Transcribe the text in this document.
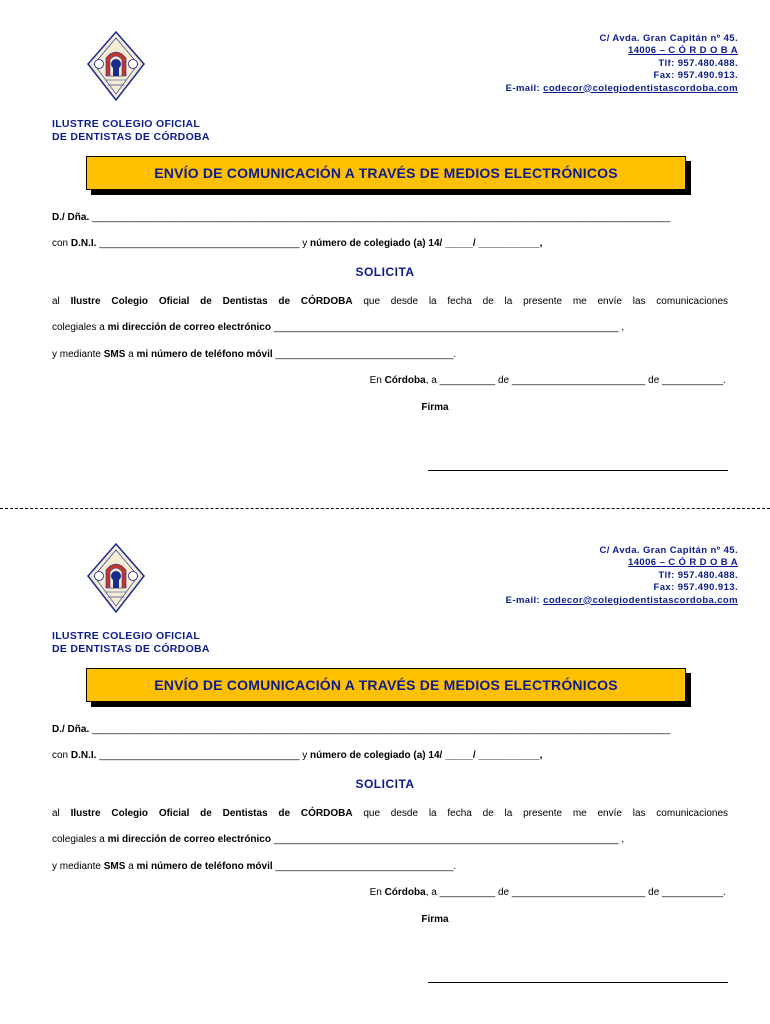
C/ Avda. Gran Capitán nº 45.
14006 – C Ó R D O B A
Tlf: 957.480.488.
Fax: 957.490.913.
E-mail: codecor@colegiodentistascordoba.com
ILUSTRE COLEGIO OFICIAL
DE DENTISTAS DE CÓRDOBA
ENVÍO DE COMUNICACIÓN A TRAVÉS DE MEDIOS ELECTRÓNICOS
D./ Dña. ________________________________________________________________________________________________________
con D.N.I. ____________________________________ y número de colegiado (a) 14/ _____/ ___________,
SOLICITA
al Ilustre Colegio Oficial de Dentistas de CÓRDOBA que desde la fecha de la presente me envíe las comunicaciones
colegiales a mi dirección de correo electrónico ______________________________________________________________ ,
y mediante SMS a mi número de teléfono móvil ________________________________.
En Córdoba, a __________ de ________________________ de ___________.
Firma
C/ Avda. Gran Capitán nº 45.
14006 – C Ó R D O B A
Tlf: 957.480.488.
Fax: 957.490.913.
E-mail: codecor@colegiodentistascordoba.com
ILUSTRE COLEGIO OFICIAL
DE DENTISTAS DE CÓRDOBA
ENVÍO DE COMUNICACIÓN A TRAVÉS DE MEDIOS ELECTRÓNICOS
D./ Dña. ________________________________________________________________________________________________________
con D.N.I. ____________________________________ y número de colegiado (a) 14/ _____/ ___________,
SOLICITA
al Ilustre Colegio Oficial de Dentistas de CÓRDOBA que desde la fecha de la presente me envíe las comunicaciones
colegiales a mi dirección de correo electrónico ______________________________________________________________ ,
y mediante SMS a mi número de teléfono móvil ________________________________.
En Córdoba, a __________ de ________________________ de ___________.
Firma
